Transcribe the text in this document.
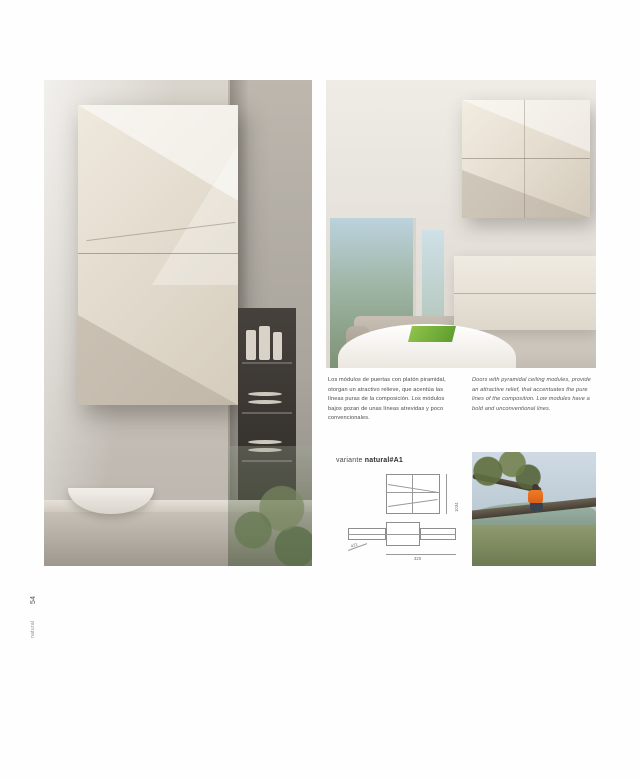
Los módulos de puertas con platón piramidal, otorgan un atractivo relieve, que acentúa las líneas puras de la composición. Los módulos bajos gozan de unas líneas atrevidas y poco convencionales.
Doors with pyramidal ceiling modules, provide an attractive relief, that accentuates the pure lines of the composition. Low modules have a bold and unconventional lines.
variante natural#A1
1034
320
421
54
natural
